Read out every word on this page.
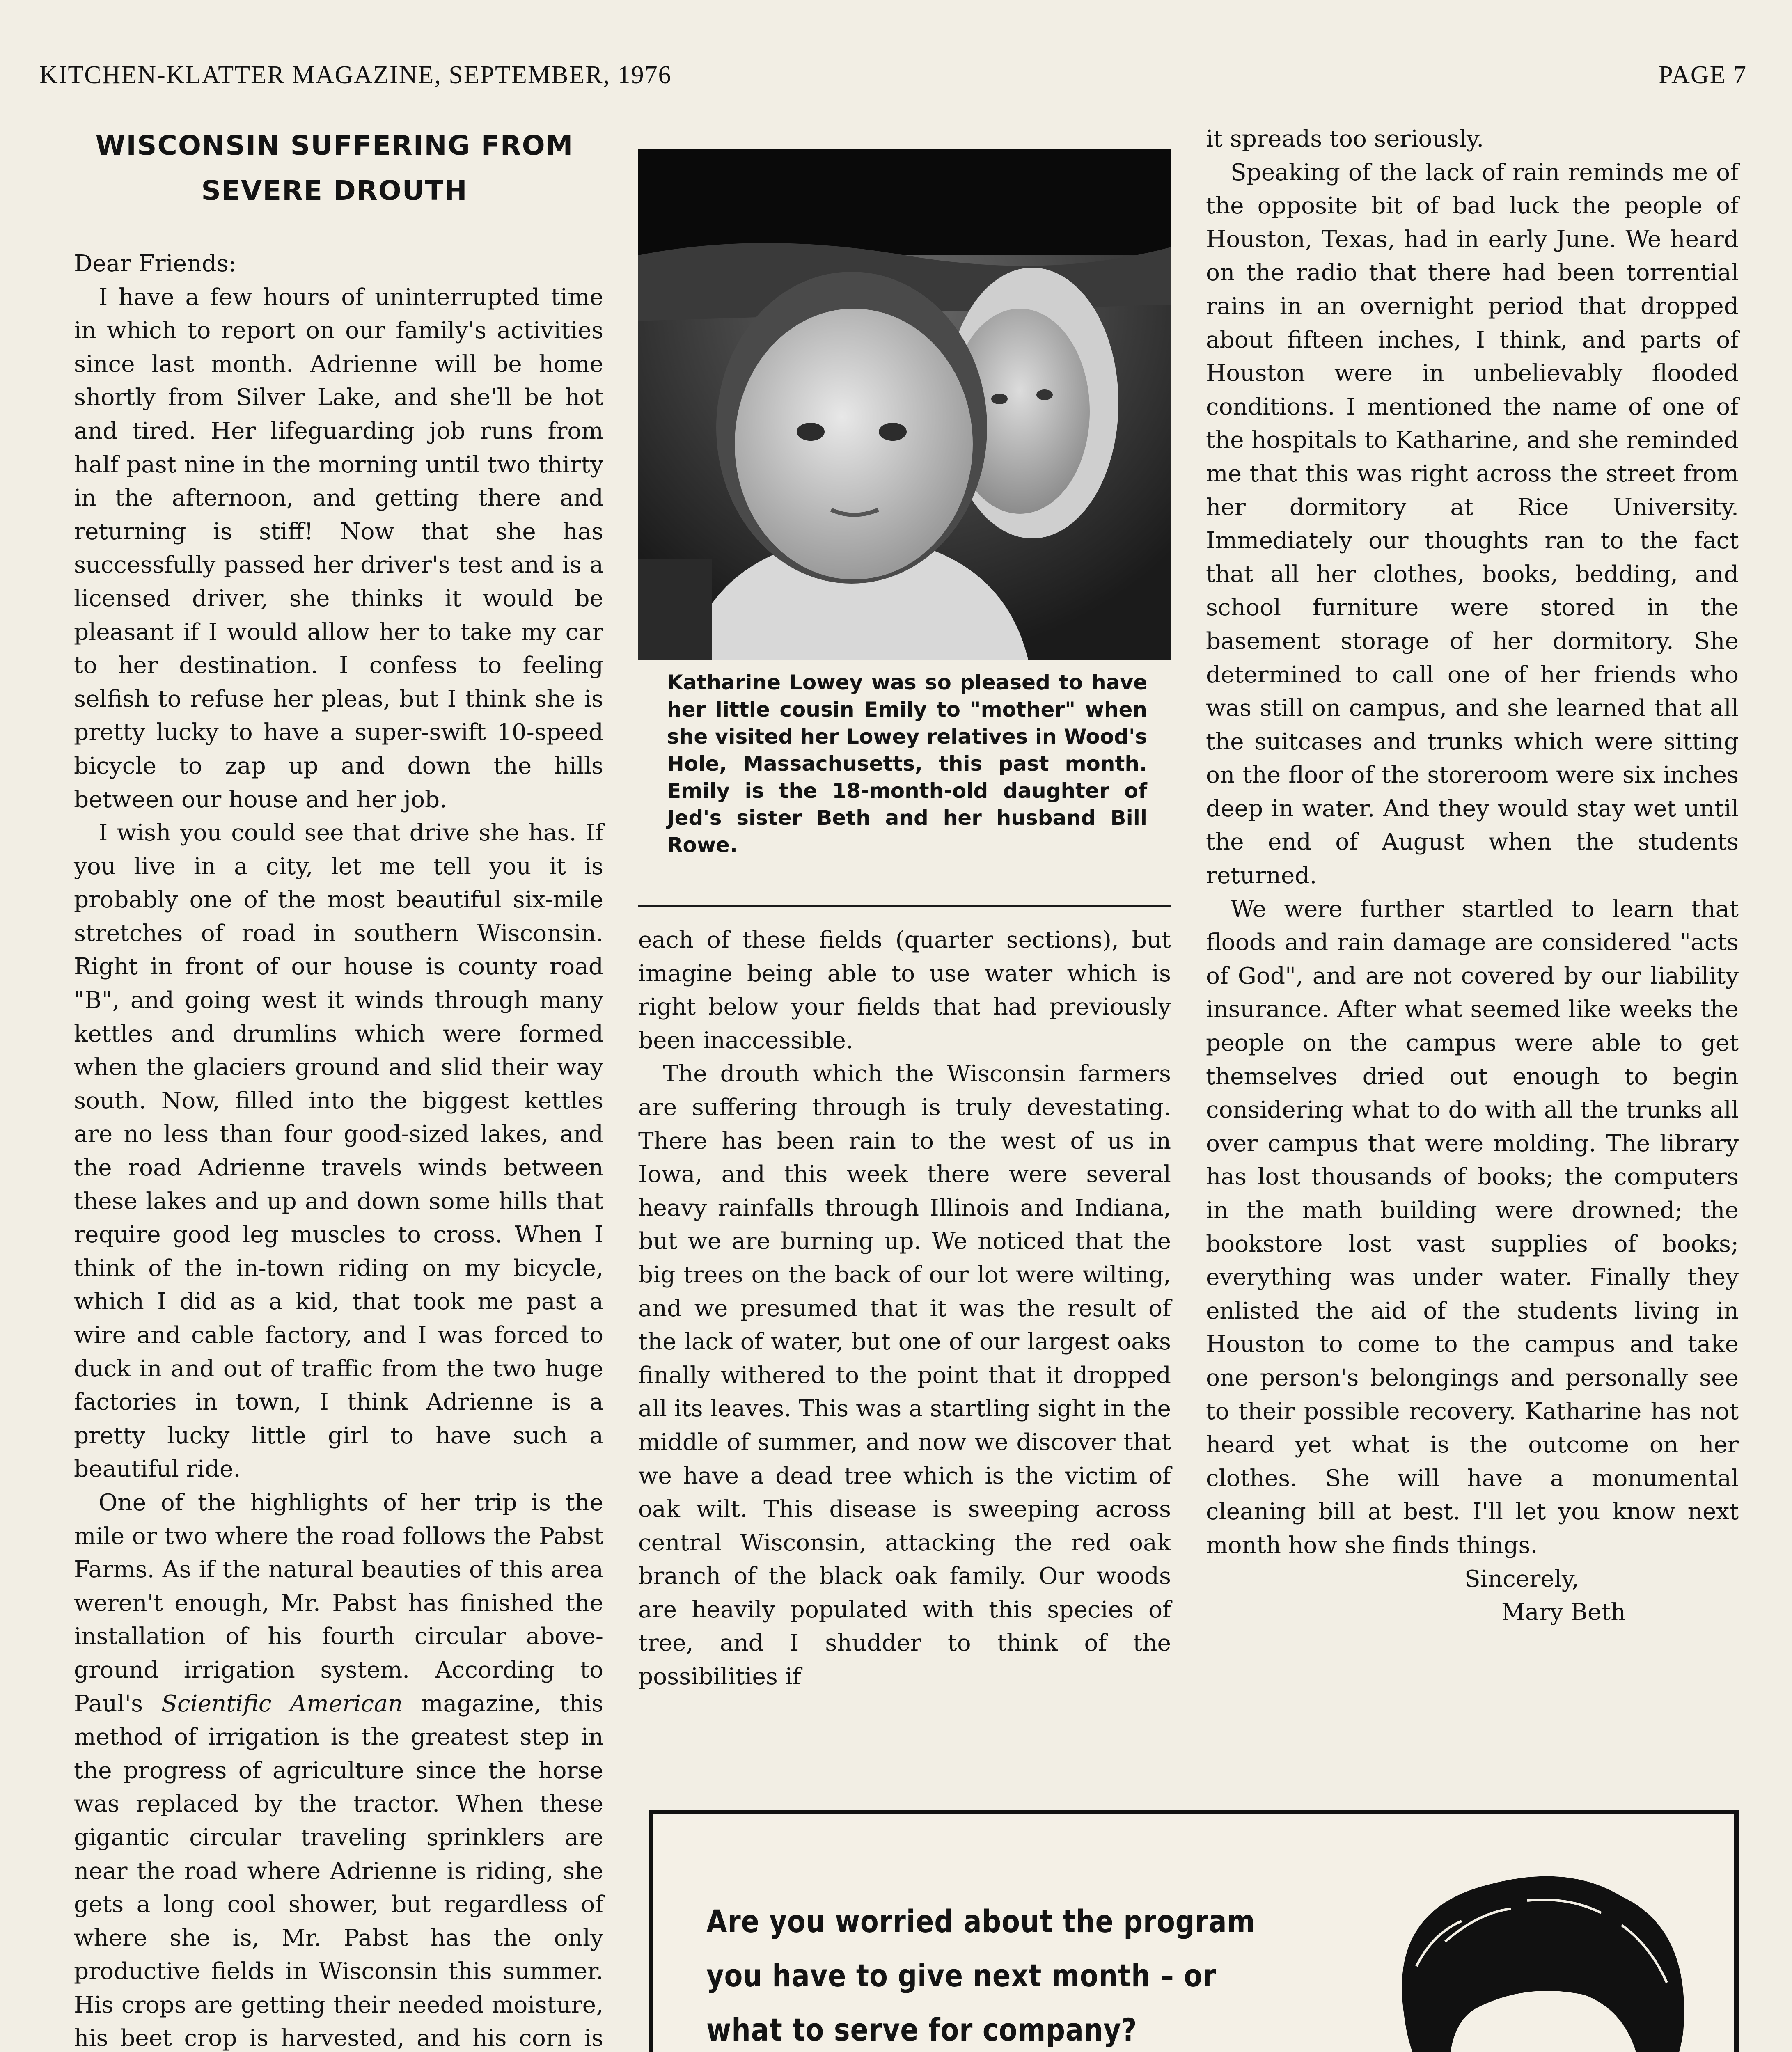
KITCHEN-KLATTER MAGAZINE, SEPTEMBER, 1976	PAGE 7
WISCONSIN SUFFERING FROM
SEVERE DROUTH

Dear Friends:

I have a few hours of uninterrupted time in which to report on our family's activities since last month. Adrienne will be home shortly from Silver Lake, and she'll be hot and tired. Her lifeguarding job runs from half past nine in the morning until two thirty in the afternoon, and getting there and returning is stiff! Now that she has successfully passed her driver's test and is a licensed driver, she thinks it would be pleasant if I would allow her to take my car to her destination. I confess to feeling selfish to refuse her pleas, but I think she is pretty lucky to have a super-swift 10-speed bicycle to zap up and down the hills between our house and her job.

I wish you could see that drive she has. If you live in a city, let me tell you it is probably one of the most beautiful six-mile stretches of road in southern Wisconsin. Right in front of our house is county road "B", and going west it winds through many kettles and drumlins which were formed when the glaciers ground and slid their way south. Now, filled into the biggest kettles are no less than four good-sized lakes, and the road Adrienne travels winds between these lakes and up and down some hills that require good leg muscles to cross. When I think of the in-town riding on my bicycle, which I did as a kid, that took me past a wire and cable factory, and I was forced to duck in and out of traffic from the two huge factories in town, I think Adrienne is a pretty lucky little girl to have such a beautiful ride.

One of the highlights of her trip is the mile or two where the road follows the Pabst Farms. As if the natural beauties of this area weren't enough, Mr. Pabst has finished the installation of his fourth circular above-ground irrigation system. According to Paul's Scientific American magazine, this method of irrigation is the greatest step in the progress of agriculture since the horse was replaced by the tractor. When these gigantic circular traveling sprinklers are near the road where Adrienne is riding, she gets a long cool shower, but regardless of where she is, Mr. Pabst has the only productive fields in Wisconsin this summer. His crops are getting their needed moisture, his beet crop is harvested, and his corn is

Katharine Lowey was so pleased to have her little cousin Emily to "mother" when she visited her Lowey relatives in Wood's Hole, Massachusetts, this past month. Emily is the 18-month-old daughter of Jed's sister Beth and her husband Bill Rowe.

each of these fields (quarter sections), but imagine being able to use water which is right below your fields that had previously been inaccessible.

The drouth which the Wisconsin farmers are suffering through is truly devestating. There has been rain to the west of us in Iowa, and this week there were several heavy rainfalls through Illinois and Indiana, but we are burning up. We noticed that the big trees on the back of our lot were wilting, and we presumed that it was the result of the lack of water, but one of our largest oaks finally withered to the point that it dropped all its leaves. This was a startling sight in the middle of summer, and now we discover that we have a dead tree which is the victim of oak wilt. This disease is sweeping across central Wisconsin, attacking the red oak branch of the black oak family. Our woods are heavily populated with this species of tree, and I shudder to think of the possibilities if

it spreads too seriously.

Speaking of the lack of rain reminds me of the opposite bit of bad luck the people of Houston, Texas, had in early June. We heard on the radio that there had been torrential rains in an overnight period that dropped about fifteen inches, I think, and parts of Houston were in unbelievably flooded conditions. I mentioned the name of one of the hospitals to Katharine, and she reminded me that this was right across the street from her dormitory at Rice University. Immediately our thoughts ran to the fact that all her clothes, books, bedding, and school furniture were stored in the basement storage of her dormitory. She determined to call one of her friends who was still on campus, and she learned that all the suitcases and trunks which were sitting on the floor of the storeroom were six inches deep in water. And they would stay wet until the end of August when the students returned.

We were further startled to learn that floods and rain damage are considered "acts of God", and are not covered by our liability insurance. After what seemed like weeks the people on the campus were able to get themselves dried out enough to begin considering what to do with all the trunks all over campus that were molding. The library has lost thousands of books; the computers in the math building were drowned; the bookstore lost vast supplies of books; everything was under water. Finally they enlisted the aid of the students living in Houston to come to the campus and take one person's belongings and personally see to their possible recovery. Katharine has not heard yet what is the outcome on her clothes. She will have a monumental cleaning bill at best. I'll let you know next month how she finds things.

Sincerely,

Mary Beth

Are you worried about the program
you have to give next month – or
what to serve for company?
